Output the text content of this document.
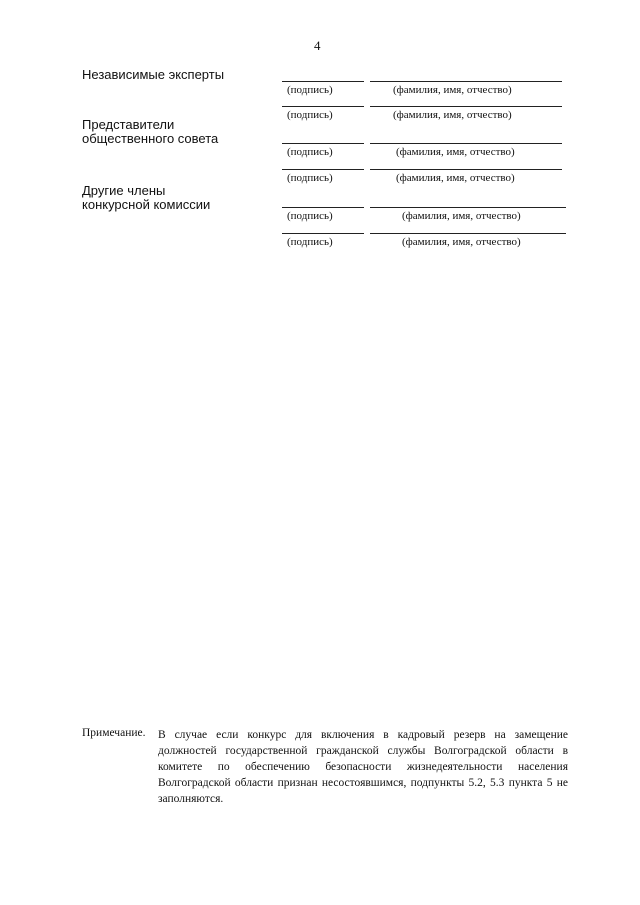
4
Независимые эксперты
(подпись)	(фамилия, имя, отчество)
(подпись)	(фамилия, имя, отчество)
Представители
общественного совета
(подпись)	(фамилия, имя, отчество)
(подпись)	(фамилия, имя, отчество)
Другие члены
конкурсной комиссии
(подпись)	(фамилия, имя, отчество)
(подпись)	(фамилия, имя, отчество)
Примечание. В случае если конкурс для включения в кадровый резерв на замещение должностей государственной гражданской службы Волгоградской области в комитете по обеспечению безопасности жизнедеятельности населения Волгоградской области признан несостоявшимся, подпункты 5.2, 5.3 пункта 5 не заполняются.
